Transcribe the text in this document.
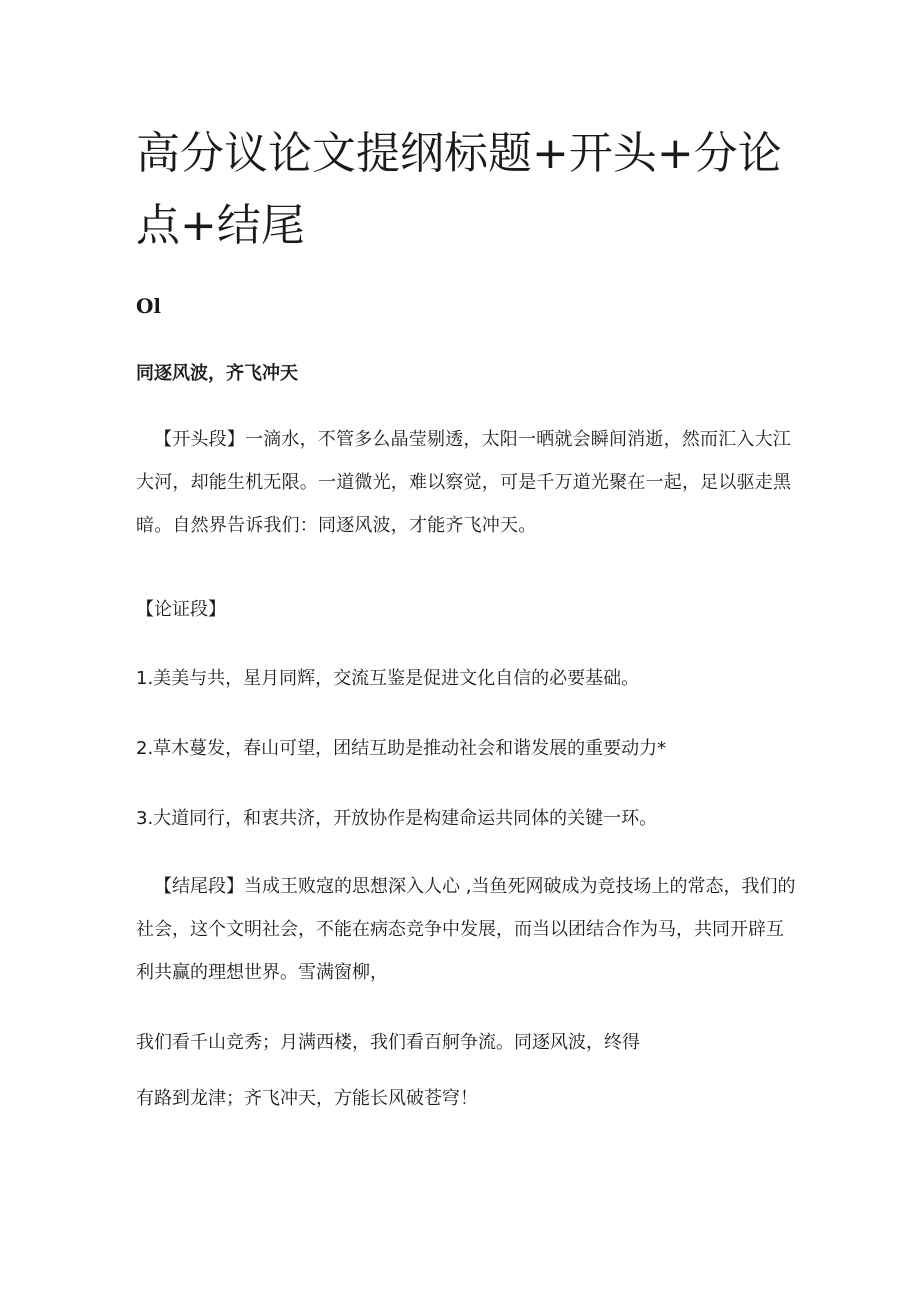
高分议论文提纲标题+开头+分论点+结尾
Ol
同逐风波，齐飞冲天

【开头段】一滴水，不管多么晶莹剔透，太阳一晒就会瞬间消逝，然而汇入大江大河，却能生机无限。一道微光，难以察觉，可是千万道光聚在一起，足以驱走黑暗。自然界告诉我们：同逐风波，才能齐飞冲天。

【论证段】
1.美美与共，星月同辉，交流互鉴是促进文化自信的必要基础。
2.草木蔓发，春山可望，团结互助是推动社会和谐发展的重要动力*
3.大道同行，和衷共济，开放协作是构建命运共同体的关键一环。

【结尾段】当成王败寇的思想深入人心 ,当鱼死网破成为竞技场上的常态，我们的社会，这个文明社会，不能在病态竞争中发展，而当以团结合作为马，共同开辟互利共赢的理想世界。雪满窗柳，

我们看千山竞秀；月满西楼，我们看百舸争流。同逐风波，终得
有路到龙津；齐飞冲天，方能长风破苍穹！
